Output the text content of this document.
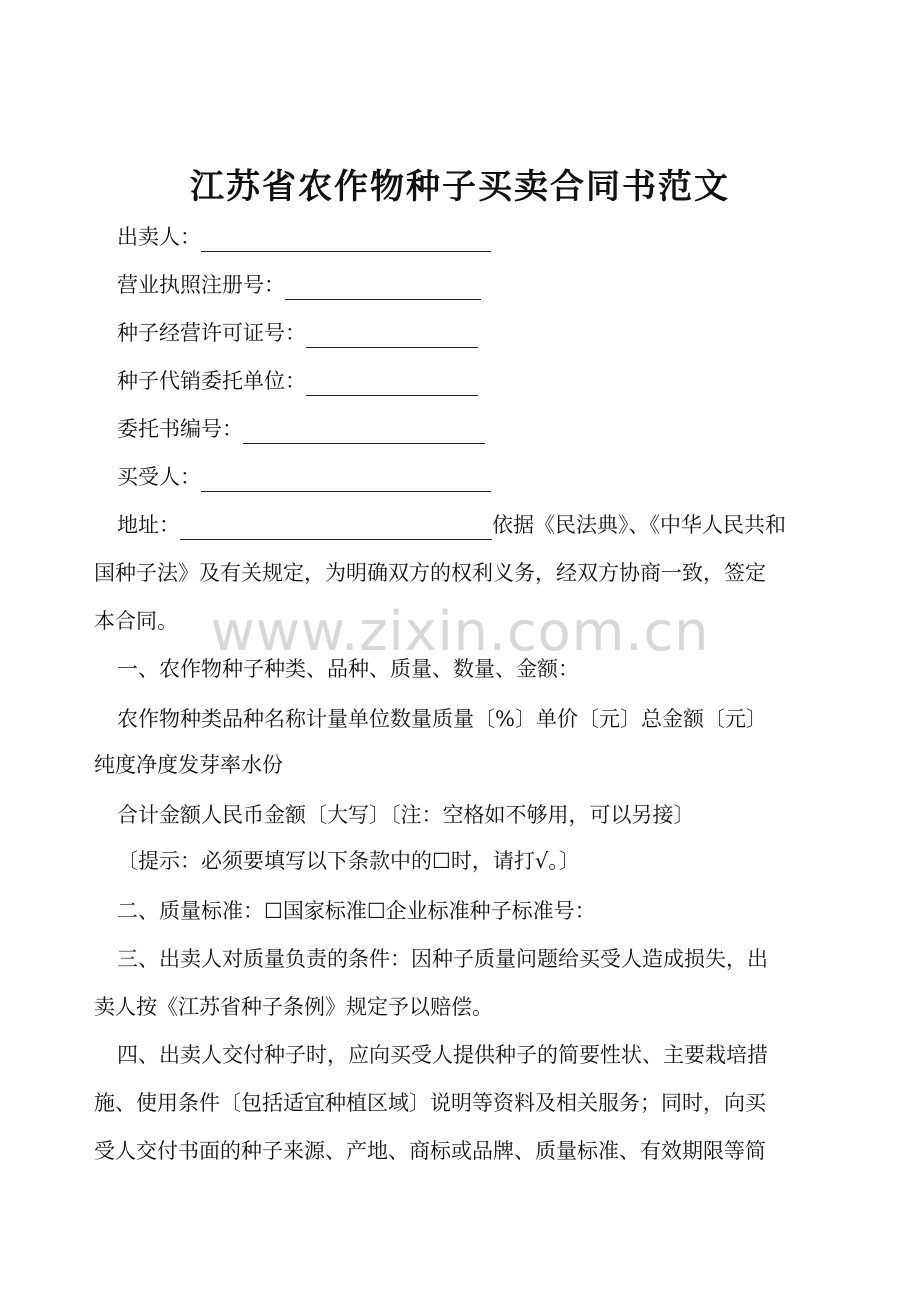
江苏省农作物种子买卖合同书范文
出卖人：
营业执照注册号：
种子经营许可证号：
种子代销委托单位：
委托书编号：
买受人：
地址：	依据《民法典》、《中华人民共和
国种子法》及有关规定，为明确双方的权利义务，经双方协商一致，签定
本合同。 www.zixin.com.cn
一、农作物种子种类、品种、质量、数量、金额：
农作物种类品种名称计量单位数量质量〔%〕单价〔元〕总金额〔元〕
纯度净度发芽率水份
合计金额人民币金额〔大写〕〔注：空格如不够用，可以另接〕
〔提示：必须要填写以下条款中的☐时，请打√。〕
二、质量标准：☐国家标准☐企业标准种子标准号：
三、出卖人对质量负责的条件：因种子质量问题给买受人造成损失，出
卖人按《江苏省种子条例》规定予以赔偿。
四、出卖人交付种子时，应向买受人提供种子的简要性状、主要栽培措
施、使用条件〔包括适宜种植区域〕说明等资料及相关服务；同时，向买
受人交付书面的种子来源、产地、商标或品牌、质量标准、有效期限等简
